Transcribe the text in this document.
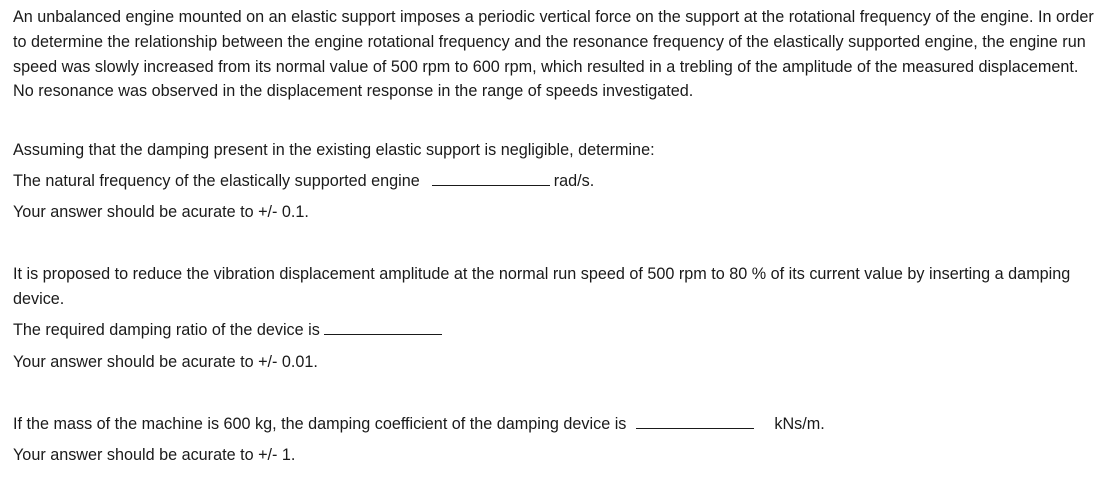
An unbalanced engine mounted on an elastic support imposes a periodic vertical force on the support at the rotational frequency of the engine. In order to determine the relationship between the engine rotational frequency and the resonance frequency of the elastically supported engine, the engine run speed was slowly increased from its normal value of 500 rpm to 600 rpm, which resulted in a trebling of the amplitude of the measured displacement. No resonance was observed in the displacement response in the range of speeds investigated.

Assuming that the damping present in the existing elastic support is negligible, determine:

The natural frequency of the elastically supported engine	rad/s.

Your answer should be acurate to +/- 0.1.

It is proposed to reduce the vibration displacement amplitude at the normal run speed of 500 rpm to 80 % of its current value by inserting a damping device.

The required damping ratio of the device is

Your answer should be acurate to +/- 0.01.

If the mass of the machine is 600 kg, the damping coefficient of the damping device is	kNs/m.

Your answer should be acurate to +/- 1.
